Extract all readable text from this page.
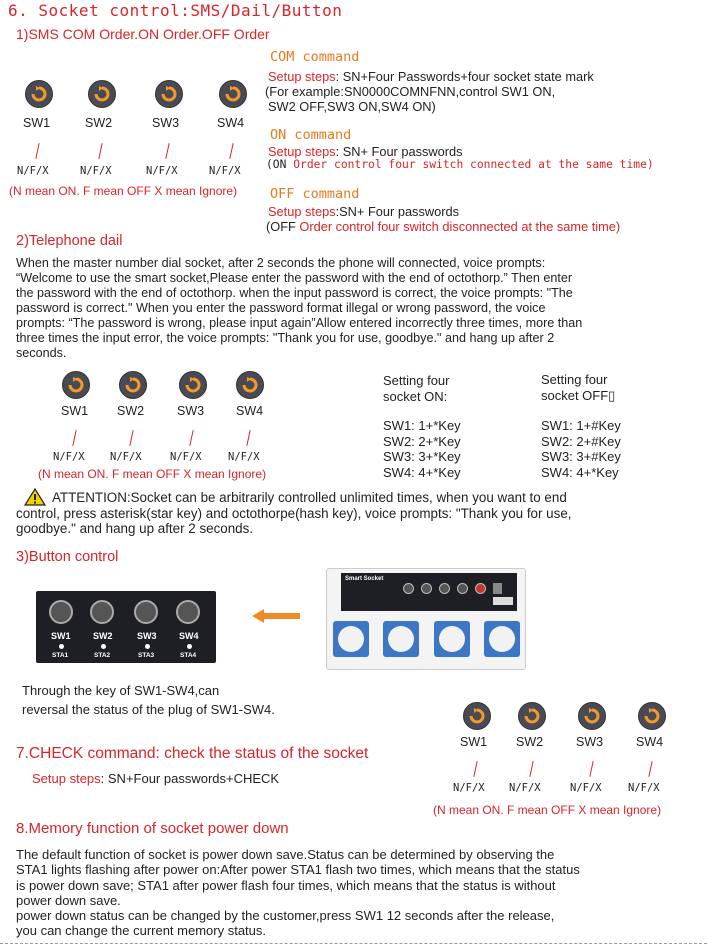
6. Socket control:SMS/Dail/Button
1)SMS COM Order.ON Order.OFF Order
SW1	SW2	SW3	SW4
N/F/X	N/F/X	N/F/X	N/F/X
(N mean ON. F mean OFF X mean Ignore)
COM command
Setup steps: SN+Four Passwords+four socket state mark
(For example:SN0000COMNFNN,control SW1 ON,
SW2 OFF,SW3 ON,SW4 ON)
ON command
Setup steps: SN+ Four passwords
(ON Order control four switch connected at the same time)
OFF command
Setup steps:SN+ Four passwords
(OFF Order control four switch disconnected at the same time)
2)Telephone dail
When the master number dial socket, after 2 seconds the phone will connected, voice prompts:
“Welcome to use the smart socket,Please enter the password with the end of octothorp.” Then enter
the password with the end of octothorp. when the input password is correct, the voice prompts: "The
password is correct." When you enter the password format illegal or wrong password, the voice
prompts: “The password is wrong, please input again”Allow entered incorrectly three times, more than
three times the input error, the voice prompts: "Thank you for use, goodbye." and hang up after 2
seconds.
SW1 SW2	SW3	SW4
N/F/X N/F/X	N/F/X	N/F/X
(N mean ON. F mean OFF X mean Ignore)
Setting four
socket ON:
SW1: 1+*Key
SW2: 2+*Key
SW3: 3+*Key
SW4: 4+*Key
Setting four
socket OFF▯
SW1: 1+#Key
SW2: 2+#Key
SW3: 3+#Key
SW4: 4+*Key
ATTENTION:Socket can be arbitrarily controlled unlimited times, when you want to end
control, press asterisk(star key) and octothorpe(hash key), voice prompts: "Thank you for use,
goodbye." and hang up after 2 seconds.
3)Button control
SW1 SW2	SW3 SW4
STA1	STA2	STA3	STA4
Smart Socket
Through the key of SW1-SW4,can
reversal the status of the plug of SW1-SW4.
7.CHECK command: check the status of the socket
Setup steps: SN+Four passwords+CHECK
SW1 SW2	SW3	SW4
N/F/X N/F/X	N/F/X	N/F/X
(N mean ON. F mean OFF X mean Ignore)
8.Memory function of socket power down
The default function of socket is power down save.Status can be determined by observing the
STA1 lights flashing after power on:After power STA1 flash two times, which means that the status
is power down save; STA1 after power flash four times, which means that the status is without
power down save.
power down status can be changed by the customer,press SW1 12 seconds after the release,
you can change the current memory status.
